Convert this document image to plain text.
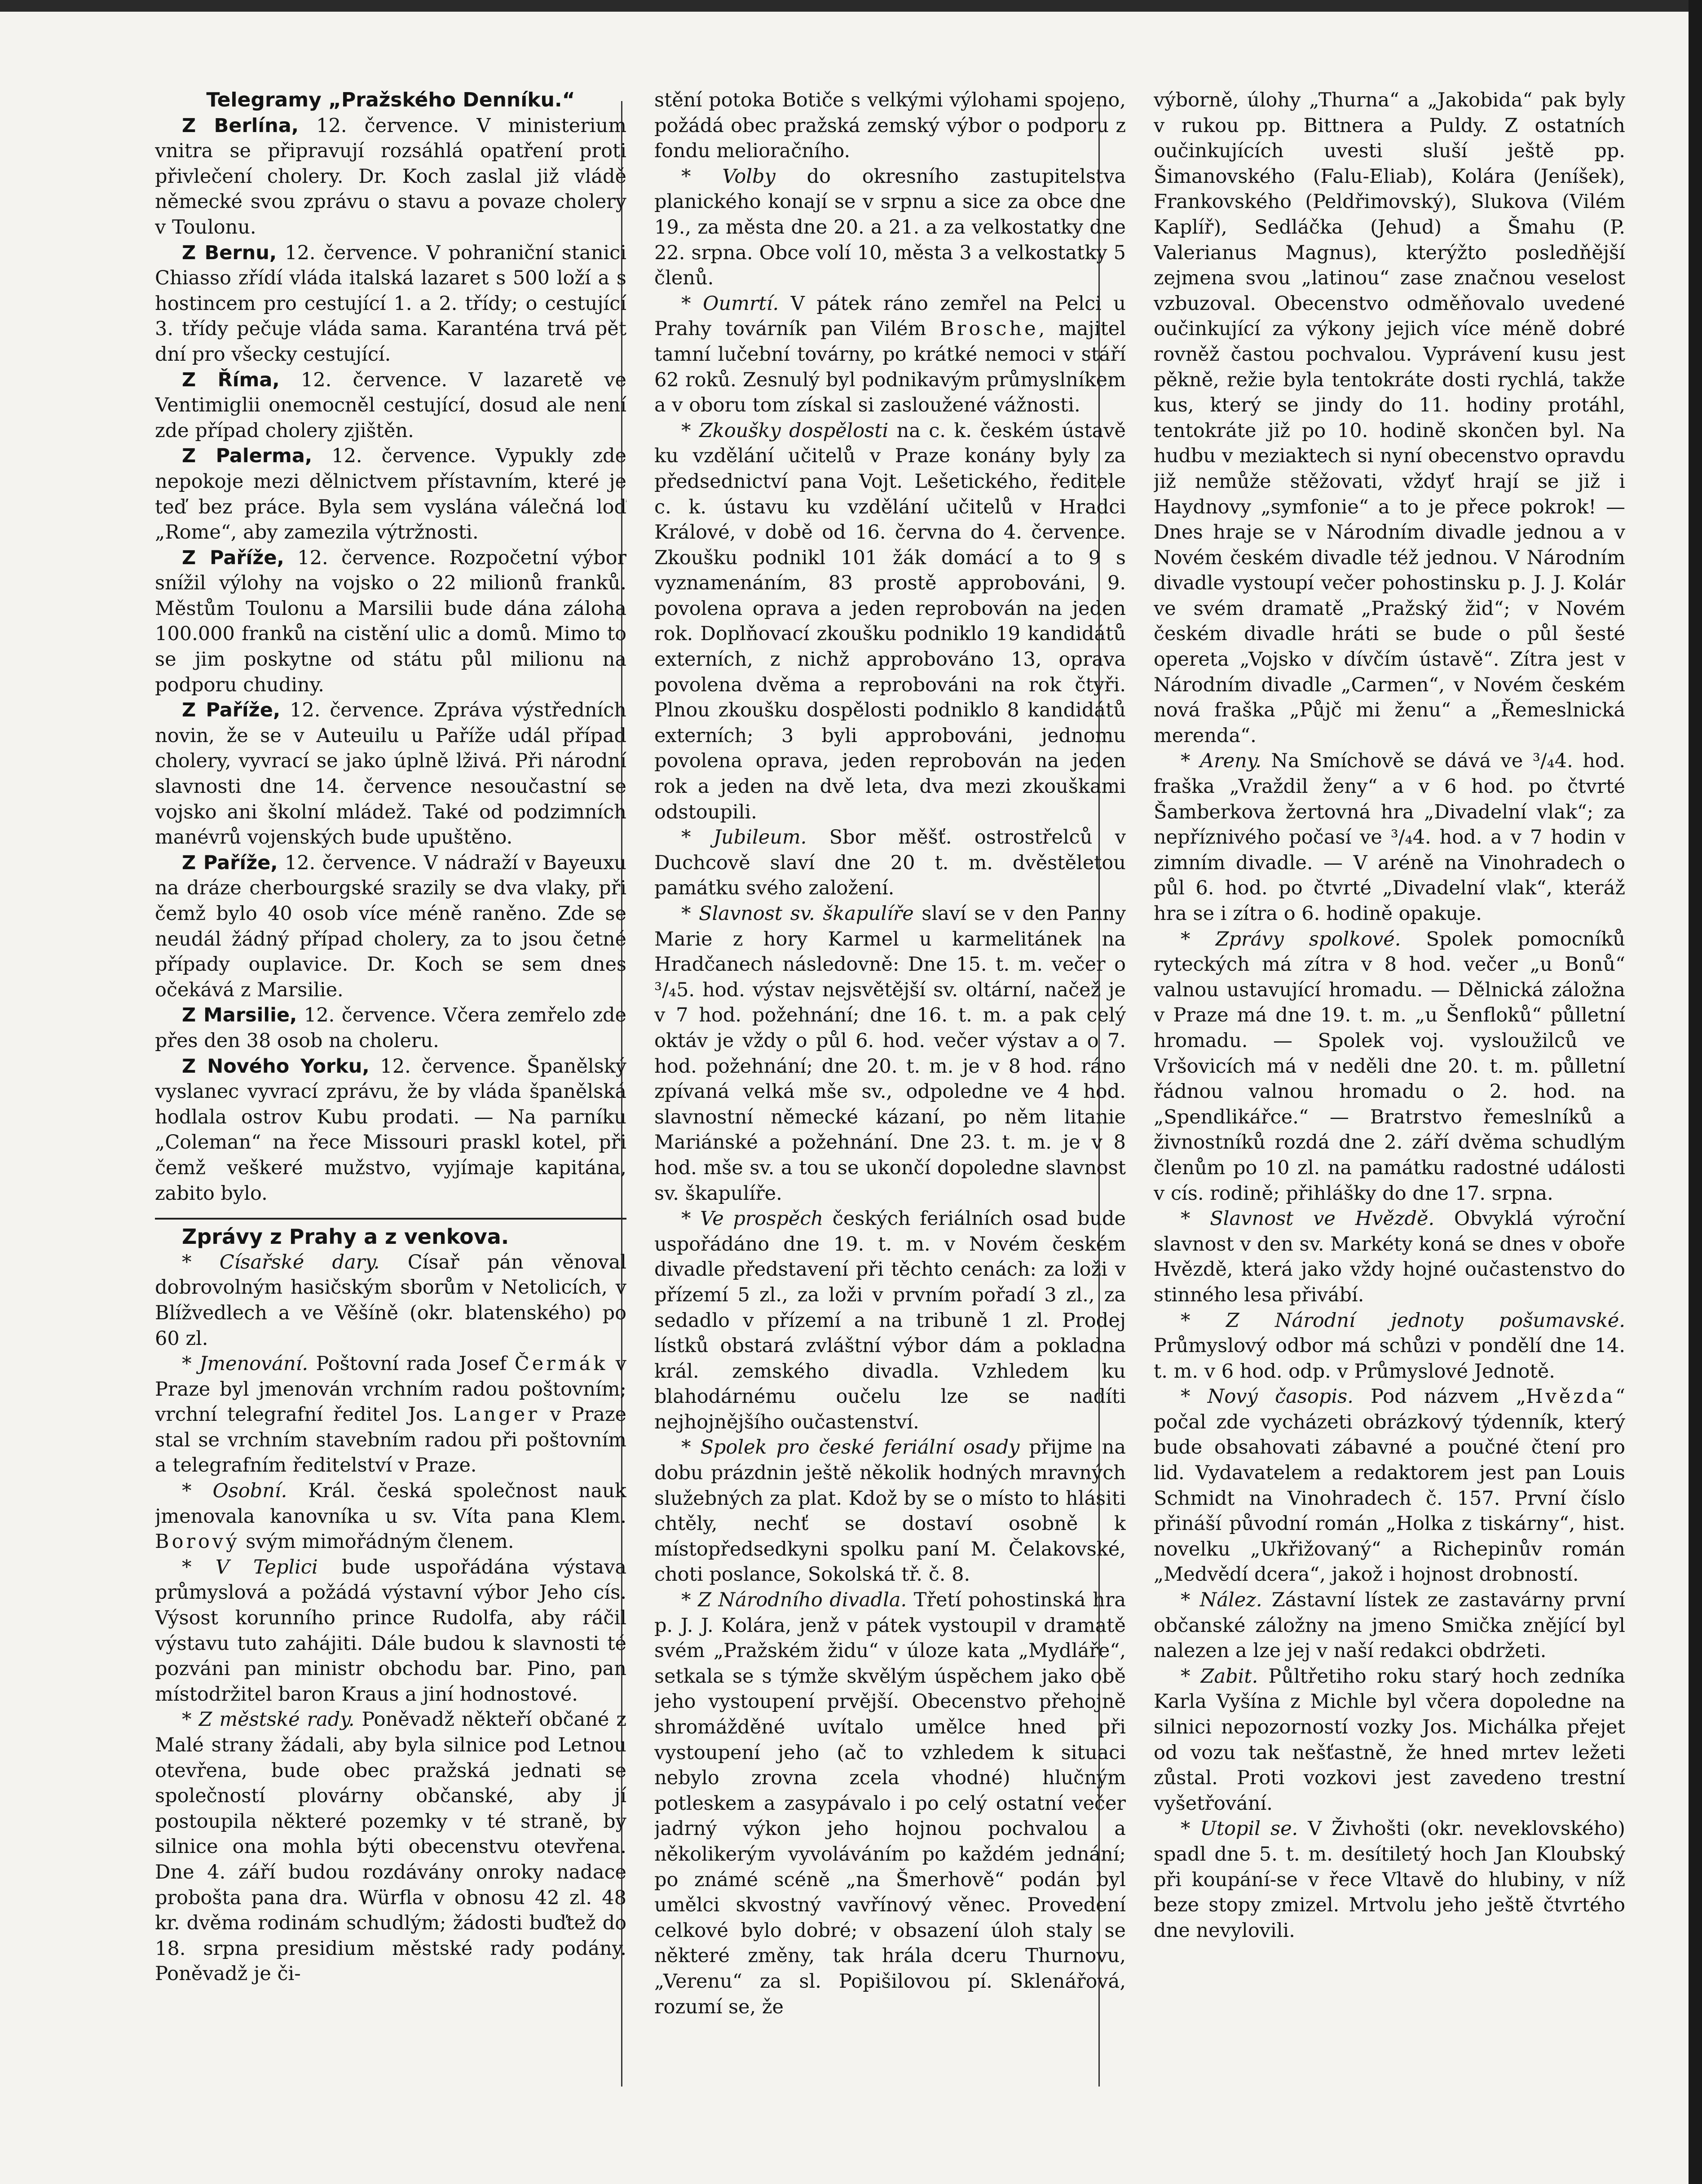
Telegramy „Pražského Denníku.“

Z Berlína, 12. července. V ministerium vnitra se připravují rozsáhlá opatření proti přivlečení cholery. Dr. Koch zaslal již vládě německé svou zprávu o stavu a povaze cholery v Toulonu.

Z Bernu, 12. července. V pohraniční stanici Chiasso zřídí vláda italská lazaret s 500 loží a s hostincem pro cestující 1. a 2. třídy; o cestující 3. třídy pečuje vláda sama. Karanténa trvá pět dní pro všecky cestující.

Z Říma, 12. července. V lazaretě ve Ventimiglii onemocněl cestující, dosud ale není zde případ cholery zjištěn.

Z Palerma, 12. července. Vypukly zde nepokoje mezi dělnictvem přístavním, které je teď bez práce. Byla sem vyslána válečná loď „Rome“, aby zamezila výtržnosti.

Z Paříže, 12. července. Rozpočetní výbor snížil výlohy na vojsko o 22 milionů franků. Městům Toulonu a Marsilii bude dána záloha 100.000 franků na cistění ulic a domů. Mimo to se jim poskytne od státu půl milionu na podporu chudiny.

Z Paříže, 12. července. Zpráva výstředních novin, že se v Auteuilu u Paříže udál případ cholery, vyvrací se jako úplně lživá. Při národní slavnosti dne 14. července nesoučastní se vojsko ani školní mládež. Také od podzimních manévrů vojenských bude upuštěno.

Z Paříže, 12. července. V nádraží v Bayeuxu na dráze cherbourgské srazily se dva vlaky, při čemž bylo 40 osob více méně raněno. Zde se neudál žádný případ cholery, za to jsou četné případy ouplavice. Dr. Koch se sem dnes očekává z Marsilie.

Z Marsilie, 12. července. Včera zemřelo zde přes den 38 osob na choleru.

Z Nového Yorku, 12. července. Španělský vyslanec vyvrací zprávu, že by vláda španělská hodlala ostrov Kubu prodati. — Na parníku „Coleman“ na řece Missouri praskl kotel, při čemž veškeré mužstvo, vyjímaje kapitána, zabito bylo.

Zprávy z Prahy a z venkova.

* Císařské dary. Císař pán věnoval dobrovolným hasičským sborům v Netolicích, v Blížvedlech a ve Věšíně (okr. blatenského) po 60 zl.

* Jmenování. Poštovní rada Josef Čermák v Praze byl jmenován vrchním radou poštovním; vrchní telegrafní ředitel Jos. Langer v Praze stal se vrchním stavebním radou při poštovním a telegrafním ředitelství v Praze.

* Osobní. Král. česká společnost nauk jmenovala kanovníka u sv. Víta pana Klem. Borový svým mimořádným členem.

* V Teplici bude uspořádána výstava průmyslová a požádá výstavní výbor Jeho cís. Výsost korunního prince Rudolfa, aby ráčil výstavu tuto zahájiti. Dále budou k slavnosti té pozváni pan ministr obchodu bar. Pino, pan místodržitel baron Kraus a jiní hodnostové.

* Z městské rady. Poněvadž někteří občané z Malé strany žádali, aby byla silnice pod Letnou otevřena, bude obec pražská jednati se společností plovárny občanské, aby jí postoupila některé pozemky v té straně, by silnice ona mohla býti obecenstvu otevřena. Dne 4. září budou rozdávány onroky nadace probošta pana dra. Würfla v obnosu 42 zl. 48 kr. dvěma rodinám schudlým; žádosti buďtež do 18. srpna presidium městské rady podány. Poněvadž je či-

stění potoka Botiče s velkými výlohami spojeno, požádá obec pražská zemský výbor o podporu z fondu melioračního.

* Volby do okresního zastupitelstva planického konají se v srpnu a sice za obce dne 19., za města dne 20. a 21. a za velkostatky dne 22. srpna. Obce volí 10, města 3 a velkostatky 5 členů.

* Oumrtí. V pátek ráno zemřel na Pelci u Prahy továrník pan Vilém Brosche, majitel tamní lučební továrny, po krátké nemoci v stáří 62 roků. Zesnulý byl podnikavým průmyslníkem a v oboru tom získal si zasloužené vážnosti.

* Zkoušky dospělosti na c. k. českém ústavě ku vzdělání učitelů v Praze konány byly za předsednictví pana Vojt. Lešetického, ředitele c. k. ústavu ku vzdělání učitelů v Hradci Králové, v době od 16. června do 4. července. Zkoušku podnikl 101 žák domácí a to 9 s vyznamenáním, 83 prostě approbováni, 9. povolena oprava a jeden reprobován na jeden rok. Doplňovací zkoušku podniklo 19 kandidátů externích, z nichž approbováno 13, oprava povolena dvěma a reprobováni na rok čtyři. Plnou zkoušku dospělosti podniklo 8 kandidátů externích; 3 byli approbováni, jednomu povolena oprava, jeden reprobován na jeden rok a jeden na dvě leta, dva mezi zkouškami odstoupili.

* Jubileum. Sbor měšť. ostrostřelců v Duchcově slaví dne 20 t. m. dvěstěletou památku svého založení.

* Slavnost sv. škapulíře slaví se v den Panny Marie z hory Karmel u karmelitánek na Hradčanech následovně: Dne 15. t. m. večer o ³/₄5. hod. výstav nejsvětější sv. oltární, načež je v 7 hod. požehnání; dne 16. t. m. a pak celý oktáv je vždy o půl 6. hod. večer výstav a o 7. hod. požehnání; dne 20. t. m. je v 8 hod. ráno zpívaná velká mše sv., odpoledne ve 4 hod. slavnostní německé kázaní, po něm litanie Mariánské a požehnání. Dne 23. t. m. je v 8 hod. mše sv. a tou se ukončí dopoledne slavnost sv. škapulíře.

* Ve prospěch českých feriálních osad bude uspořádáno dne 19. t. m. v Novém českém divadle představení při těchto cenách: za loži v přízemí 5 zl., za loži v prvním pořadí 3 zl., za sedadlo v přízemí a na tribuně 1 zl. Prodej lístků obstará zvláštní výbor dám a pokladna král. zemského divadla. Vzhledem ku blahodárnému oučelu lze se nadíti nejhojnějšího oučastenství.

* Spolek pro české feriální osady přijme na dobu prázdnin ještě několik hodných mravných služebných za plat. Kdož by se o místo to hlásiti chtěly, nechť se dostaví osobně k místopředsedkyni spolku paní M. Čelakovské, choti poslance, Sokolská tř. č. 8.

* Z Národního divadla. Třetí pohostinská hra p. J. J. Kolára, jenž v pátek vystoupil v dramatě svém „Pražském židu“ v úloze kata „Mydláře“, setkala se s týmže skvělým úspěchem jako obě jeho vystoupení prvější. Obecenstvo přehojně shromážděné uvítalo umělce hned při vystoupení jeho (ač to vzhledem k situaci nebylo zrovna zcela vhodné) hlučným potleskem a zasypávalo i po celý ostatní večer jadrný výkon jeho hojnou pochvalou a několikerým vyvoláváním po každém jednání; po známé scéně „na Šmerhově“ podán byl umělci skvostný vavřínový věnec. Provedení celkové bylo dobré; v obsazení úloh staly se některé změny, tak hrála dceru Thurnovu, „Verenu“ za sl. Popišilovou pí. Sklenářová, rozumí se, že

výborně, úlohy „Thurna“ a „Jakobida“ pak byly v rukou pp. Bittnera a Puldy. Z ostatních oučinkujících uvesti sluší ještě pp. Šimanovského (Falu-Eliab), Kolára (Jeníšek), Frankovského (Peldřimovský), Slukova (Vilém Kaplíř), Sedláčka (Jehud) a Šmahu (P. Valerianus Magnus), kterýžto posledňější zejmena svou „latinou“ zase značnou veselost vzbuzoval. Obecenstvo odměňovalo uvedené oučinkující za výkony jejich více méně dobré rovněž častou pochvalou. Vyprávení kusu jest pěkně, režie byla tentokráte dosti rychlá, takže kus, který se jindy do 11. hodiny protáhl, tentokráte již po 10. hodině skončen byl. Na hudbu v meziaktech si nyní obecenstvo opravdu již nemůže stěžovati, vždyť hrají se již i Haydnovy „symfonie“ a to je přece pokrok! — Dnes hraje se v Národním divadle jednou a v Novém českém divadle též jednou. V Národním divadle vystoupí večer pohostinsku p. J. J. Kolár ve svém dramatě „Pražský žid“; v Novém českém divadle hráti se bude o půl šesté opereta „Vojsko v dívčím ústavě“. Zítra jest v Národním divadle „Carmen“, v Novém českém nová fraška „Půjč mi ženu“ a „Řemeslnická merenda“.

* Areny. Na Smíchově se dává ve ³/₄4. hod. fraška „Vraždil ženy“ a v 6 hod. po čtvrté Šamberkova žertovná hra „Divadelní vlak“; za nepříznivého počasí ve ³/₄4. hod. a v 7 hodin v zimním divadle. — V aréně na Vinohradech o půl 6. hod. po čtvrté „Divadelní vlak“, kteráž hra se i zítra o 6. hodině opakuje.

* Zprávy spolkové. Spolek pomocníků ryteckých má zítra v 8 hod. večer „u Bonů“ valnou ustavující hromadu. — Dělnická záložna v Praze má dne 19. t. m. „u Šenfloků“ půlletní hromadu. — Spolek voj. vysloužilců ve Vršovicích má v neděli dne 20. t. m. půlletní řádnou valnou hromadu o 2. hod. na „Spendlikářce.“ — Bratrstvo řemeslníků a živnostníků rozdá dne 2. září dvěma schudlým členům po 10 zl. na památku radostné události v cís. rodině; přihlášky do dne 17. srpna.

* Slavnost ve Hvězdě. Obvyklá výroční slavnost v den sv. Markéty koná se dnes v oboře Hvězdě, která jako vždy hojné oučastenstvo do stinného lesa přivábí.

* Z Národní jednoty pošumavské. Průmyslový odbor má schůzi v pondělí dne 14. t. m. v 6 hod. odp. v Průmyslové Jednotě.

* Nový časopis. Pod názvem „Hvězda“ počal zde vycházeti obrázkový týdenník, který bude obsahovati zábavné a poučné čtení pro lid. Vydavatelem a redaktorem jest pan Louis Schmidt na Vinohradech č. 157. První číslo přináší původní román „Holka z tiskárny“, hist. novelku „Ukřižovaný“ a Richepinův román „Medvědí dcera“, jakož i hojnost drobností.

* Nález. Zástavní lístek ze zastavárny první občanské záložny na jmeno Smička znějící byl nalezen a lze jej v naší redakci obdržeti.

* Zabit. Půltřetiho roku starý hoch zedníka Karla Vyšína z Michle byl včera dopoledne na silnici nepozorností vozky Jos. Michálka přejet od vozu tak nešťastně, že hned mrtev ležeti zůstal. Proti vozkovi jest zavedeno trestní vyšetřování.

* Utopil se. V Živhošti (okr. neveklovského) spadl dne 5. t. m. desítiletý hoch Jan Kloubský při koupání-se v řece Vltavě do hlubiny, v níž beze stopy zmizel. Mrtvolu jeho ještě čtvrtého dne nevylovili.
